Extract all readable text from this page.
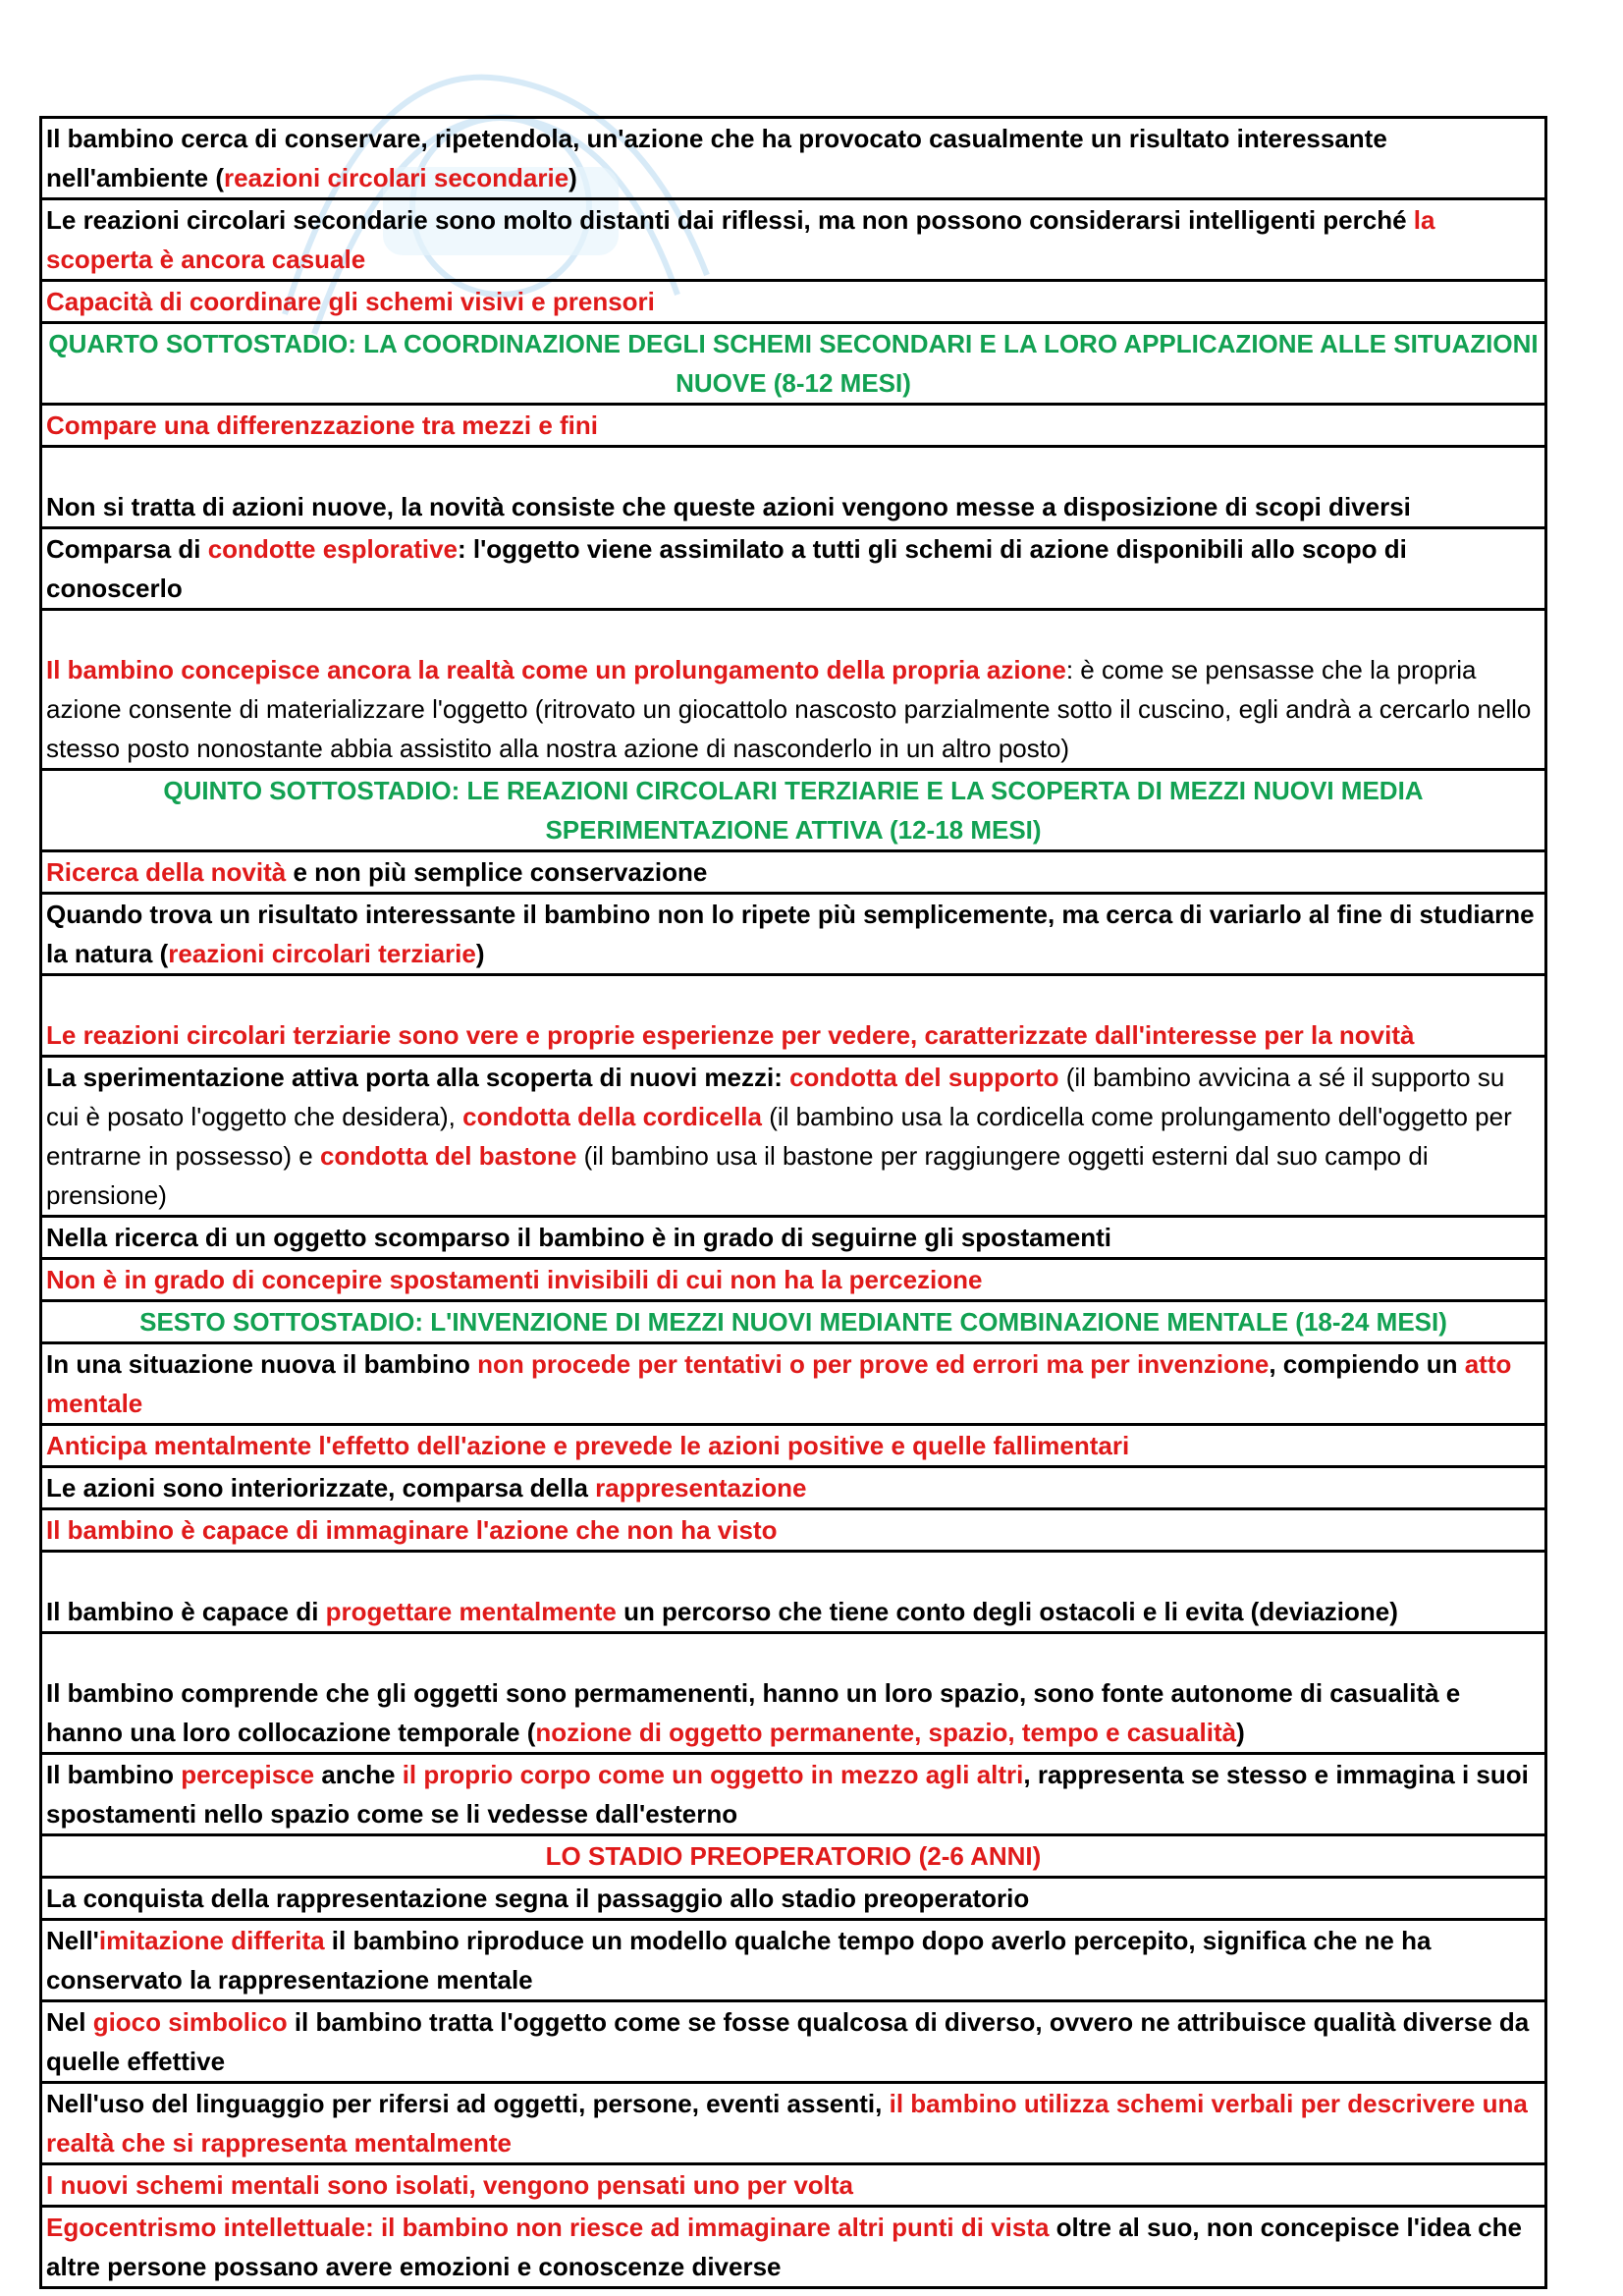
Il bambino cerca di conservare, ripetendola, un'azione che ha provocato casualmente un risultato interessante nell'ambiente (reazioni circolari secondarie)
Le reazioni circolari secondarie sono molto distanti dai riflessi, ma non possono considerarsi intelligenti perché la scoperta è ancora casuale
Capacità di coordinare gli schemi visivi e prensori
QUARTO SOTTOSTADIO: LA COORDINAZIONE DEGLI SCHEMI SECONDARI E LA LORO APPLICAZIONE ALLE SITUAZIONI NUOVE (8-12 MESI)
Compare una differenzzazione tra mezzi e fini
Non si tratta di azioni nuove, la novità consiste che queste azioni vengono messe a disposizione di scopi diversi
Comparsa di condotte esplorative: l'oggetto viene assimilato a tutti gli schemi di azione disponibili allo scopo di conoscerlo
Il bambino concepisce ancora la realtà come un prolungamento della propria azione: è come se pensasse che la propria azione consente di materializzare l'oggetto (ritrovato un giocattolo nascosto parzialmente sotto il cuscino, egli andrà a cercarlo nello stesso posto nonostante abbia assistito alla nostra azione di nasconderlo in un altro posto)
QUINTO SOTTOSTADIO: LE REAZIONI CIRCOLARI TERZIARIE E LA SCOPERTA DI MEZZI NUOVI MEDIA SPERIMENTAZIONE ATTIVA (12-18 MESI)
Ricerca della novità e non più semplice conservazione
Quando trova un risultato interessante il bambino non lo ripete più semplicemente, ma cerca di variarlo al fine di studiarne la natura (reazioni circolari terziarie)
Le reazioni circolari terziarie sono vere e proprie esperienze per vedere, caratterizzate dall'interesse per la novità
La sperimentazione attiva porta alla scoperta di nuovi mezzi: condotta del supporto (il bambino avvicina a sé il supporto su cui è posato l'oggetto che desidera), condotta della cordicella (il bambino usa la cordicella come prolungamento dell'oggetto per entrarne in possesso) e condotta del bastone (il bambino usa il bastone per raggiungere oggetti esterni dal suo campo di prensione)
Nella ricerca di un oggetto scomparso il bambino è in grado di seguirne gli spostamenti
Non è in grado di concepire spostamenti invisibili di cui non ha la percezione
SESTO SOTTOSTADIO: L'INVENZIONE DI MEZZI NUOVI MEDIANTE COMBINAZIONE MENTALE (18-24 MESI)
In una situazione nuova il bambino non procede per tentativi o per prove ed errori ma per invenzione, compiendo un atto mentale
Anticipa mentalmente l'effetto dell'azione e prevede le azioni positive e quelle fallimentari
Le azioni sono interiorizzate, comparsa della rappresentazione
Il bambino è capace di immaginare l'azione che non ha visto
Il bambino è capace di progettare mentalmente un percorso che tiene conto degli ostacoli e li evita (deviazione)
Il bambino comprende che gli oggetti sono permamenenti, hanno un loro spazio, sono fonte autonome di casualità e hanno una loro collocazione temporale (nozione di oggetto permanente, spazio, tempo e casualità)
Il bambino percepisce anche il proprio corpo come un oggetto in mezzo agli altri, rappresenta se stesso e immagina i suoi spostamenti nello spazio come se li vedesse dall'esterno
LO STADIO PREOPERATORIO (2-6 ANNI)
La conquista della rappresentazione segna il passaggio allo stadio preoperatorio
Nell'imitazione differita il bambino riproduce un modello qualche tempo dopo averlo percepito, significa che ne ha conservato la rappresentazione mentale
Nel gioco simbolico il bambino tratta l'oggetto come se fosse qualcosa di diverso, ovvero ne attribuisce qualità diverse da quelle effettive
Nell'uso del linguaggio per rifersi ad oggetti, persone, eventi assenti, il bambino utilizza schemi verbali per descrivere una realtà che si rappresenta mentalmente
I nuovi schemi mentali sono isolati, vengono pensati uno per volta
Egocentrismo intellettuale: il bambino non riesce ad immaginare altri punti di vista oltre al suo, non concepisce l'idea che altre persone possano avere emozioni e conoscenze diverse
